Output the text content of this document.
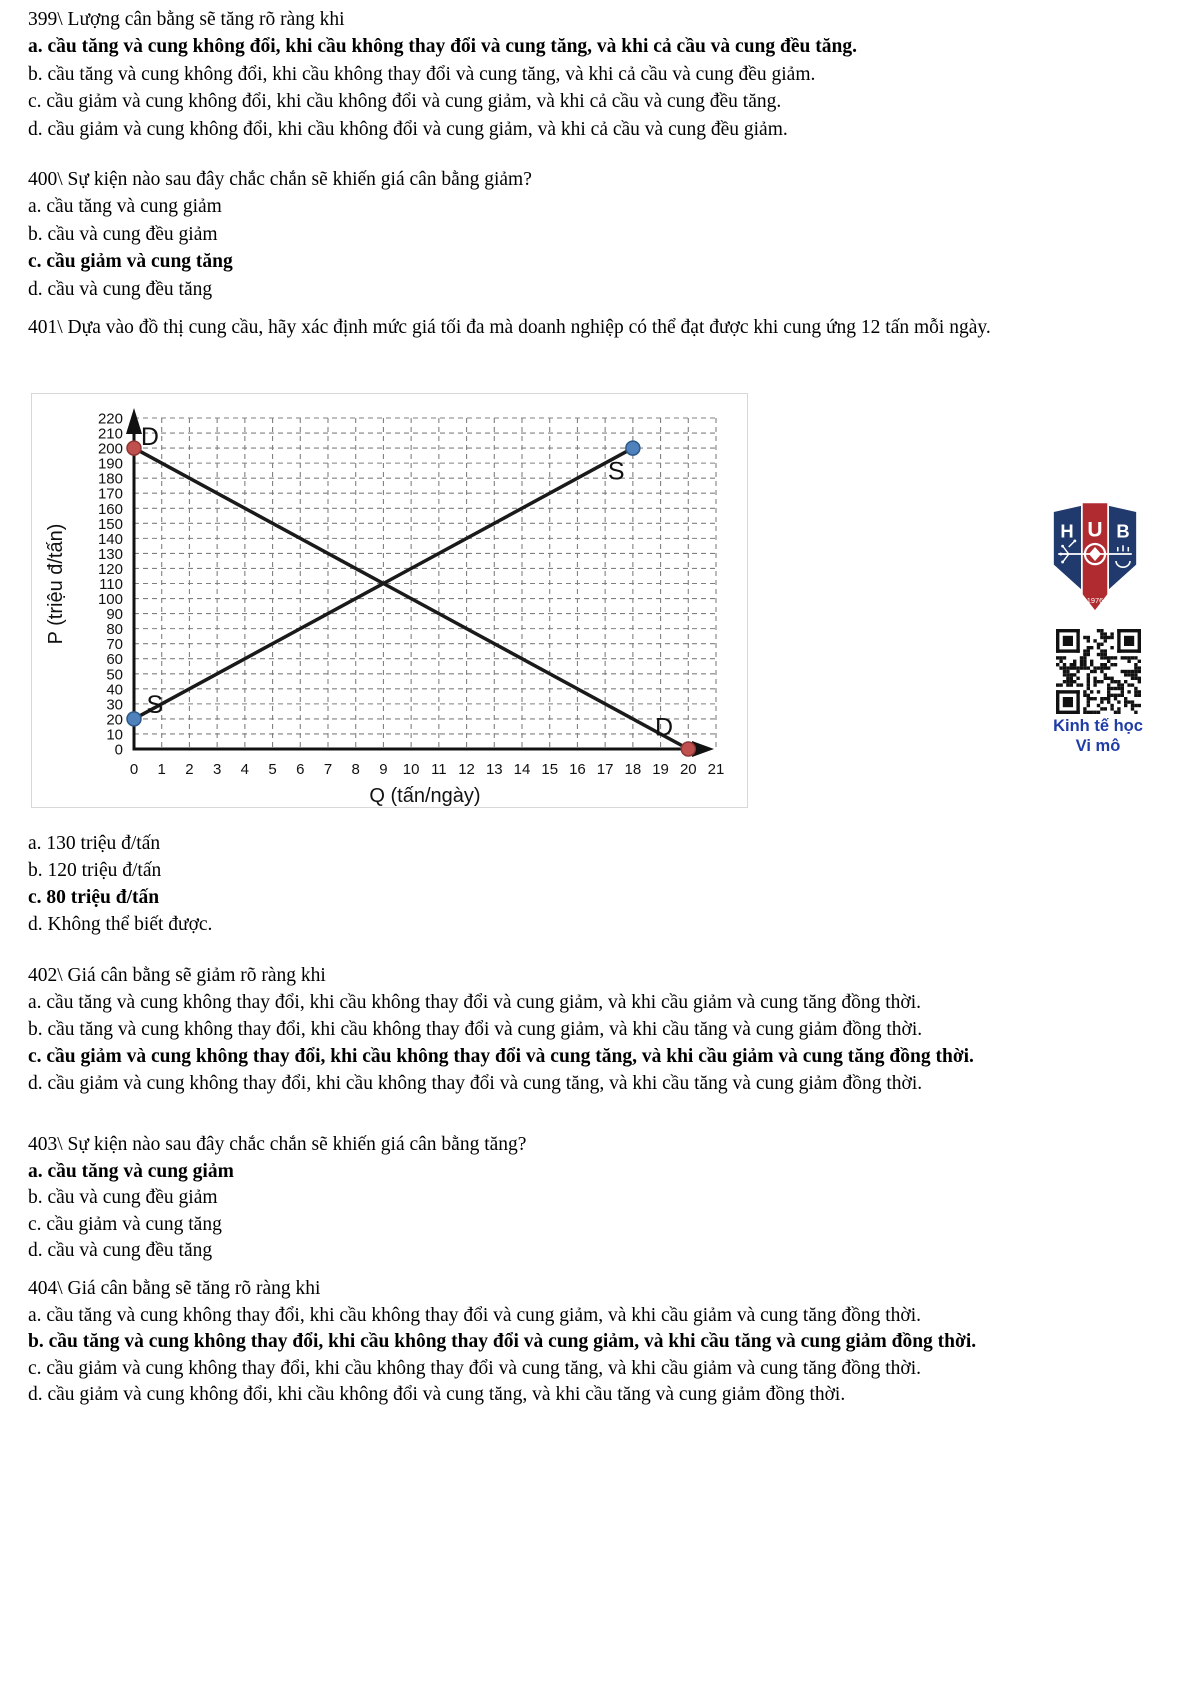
399\ Lượng cân bằng sẽ tăng rõ ràng khi
a. cầu tăng và cung không đổi, khi cầu không thay đổi và cung tăng, và khi cả cầu và cung đều tăng.
b. cầu tăng và cung không đổi, khi cầu không thay đổi và cung tăng, và khi cả cầu và cung đều giảm.
c. cầu giảm và cung không đổi, khi cầu không đổi và cung giảm, và khi cả cầu và cung đều tăng.
d. cầu giảm và cung không đổi, khi cầu không đổi và cung giảm, và khi cả cầu và cung đều giảm.
400\ Sự kiện nào sau đây chắc chắn sẽ khiến giá cân bằng giảm?
a. cầu tăng và cung giảm
b. cầu và cung đều giảm
c. cầu giảm và cung tăng
d. cầu và cung đều tăng
401\ Dựa vào đồ thị cung cầu, hãy xác định mức giá tối đa mà doanh nghiệp có thể đạt được khi cung ứng 12 tấn mỗi ngày.
0
10
20
30
40
50
60
70
80
90
100
110
120
130
140
150
160
170
180
190
200
210
220
0 1 2 3 4 5 6 7 8 9 10 11 12 13 14 15 16 17 18 19 20 21
Q (tấn/ngày)
P (triệu đ/tấn)
D
S
S
D
a. 130 triệu đ/tấn
b. 120 triệu đ/tấn
c. 80 triệu đ/tấn
d. Không thể biết được.
402\ Giá cân bằng sẽ giảm rõ ràng khi
a. cầu tăng và cung không thay đổi, khi cầu không thay đổi và cung giảm, và khi cầu giảm và cung tăng đồng thời.
b. cầu tăng và cung không thay đổi, khi cầu không thay đổi và cung giảm, và khi cầu tăng và cung giảm đồng thời.
c. cầu giảm và cung không thay đổi, khi cầu không thay đổi và cung tăng, và khi cầu giảm và cung tăng đồng thời.
d. cầu giảm và cung không thay đổi, khi cầu không thay đổi và cung tăng, và khi cầu tăng và cung giảm đồng thời.
403\ Sự kiện nào sau đây chắc chắn sẽ khiến giá cân bằng tăng?
a. cầu tăng và cung giảm
b. cầu và cung đều giảm
c. cầu giảm và cung tăng
d. cầu và cung đều tăng
404\ Giá cân bằng sẽ tăng rõ ràng khi
a. cầu tăng và cung không thay đổi, khi cầu không thay đổi và cung giảm, và khi cầu giảm và cung tăng đồng thời.
b. cầu tăng và cung không thay đổi, khi cầu không thay đổi và cung giảm, và khi cầu tăng và cung giảm đồng thời.
c. cầu giảm và cung không thay đổi, khi cầu không thay đổi và cung tăng, và khi cầu giảm và cung tăng đồng thời.
d. cầu giảm và cung không đổi, khi cầu không đổi và cung tăng, và khi cầu tăng và cung giảm đồng thời.
H U B
1976
Kinh tế học
Vi mô
